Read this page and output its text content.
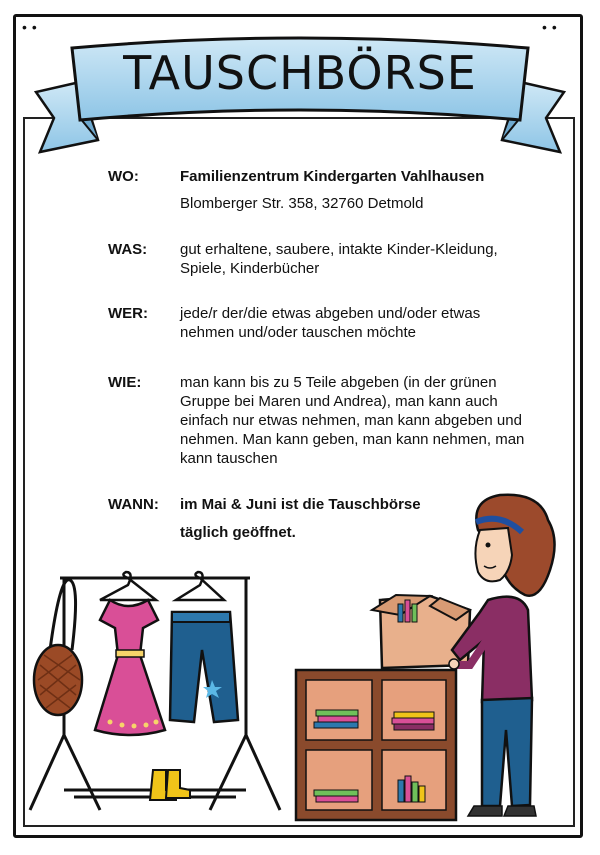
••	••
TAUSCHBÖRSE
WO:	Familienzentrum Kindergarten Vahlhausen
Blomberger Str. 358, 32760 Detmold
WAS: gut erhaltene, saubere, intakte Kinder-Kleidung,
Spiele, Kinderbücher
WER: jede/r der/die etwas abgeben und/oder etwas
nehmen und/oder tauschen möchte
WIE:	man kann bis zu 5 Teile abgeben (in der grünen
Gruppe bei Maren und Andrea), man kann auch
einfach nur etwas nehmen, man kann abgeben und
nehmen. Man kann geben, man kann nehmen, man
kann tauschen
WANN: im Mai & Juni ist die Tauschbörse
täglich geöffnet.
